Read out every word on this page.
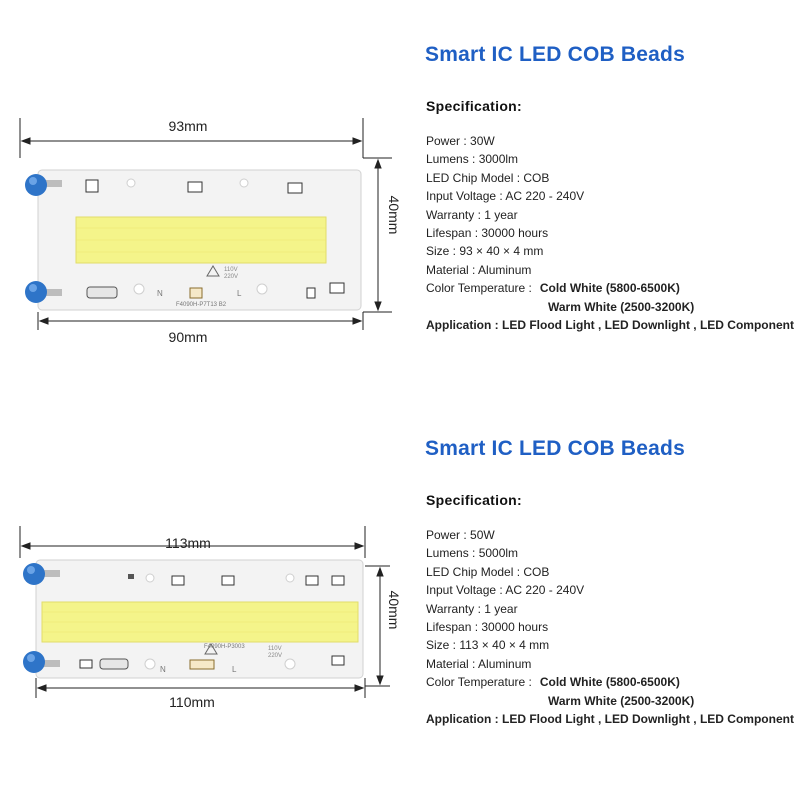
93mm
40mm
90mm
110V
220V
F4090H-P7T13 B2
N	L
Smart IC LED COB Beads
Specification:
Power : 30W
Lumens : 3000lm
LED Chip Model : COB
Input Voltage : AC 220 - 240V
Warranty : 1 year
Lifespan : 30000 hours
Size : 93 × 40 × 4 mm
Material : Aluminum
Color Temperature : Cold White (5800-6500K)
Warm White (2500-3200K)
Application : LED Flood Light , LED Downlight , LED Component
113mm
40mm
110mm
110V
220V
F4090H-P3003
N	L
Smart IC LED COB Beads
Specification:
Power : 50W
Lumens : 5000lm
LED Chip Model : COB
Input Voltage : AC 220 - 240V
Warranty : 1 year
Lifespan : 30000 hours
Size : 113 × 40 × 4 mm
Material : Aluminum
Color Temperature : Cold White (5800-6500K)
Warm White (2500-3200K)
Application : LED Flood Light , LED Downlight , LED Component
